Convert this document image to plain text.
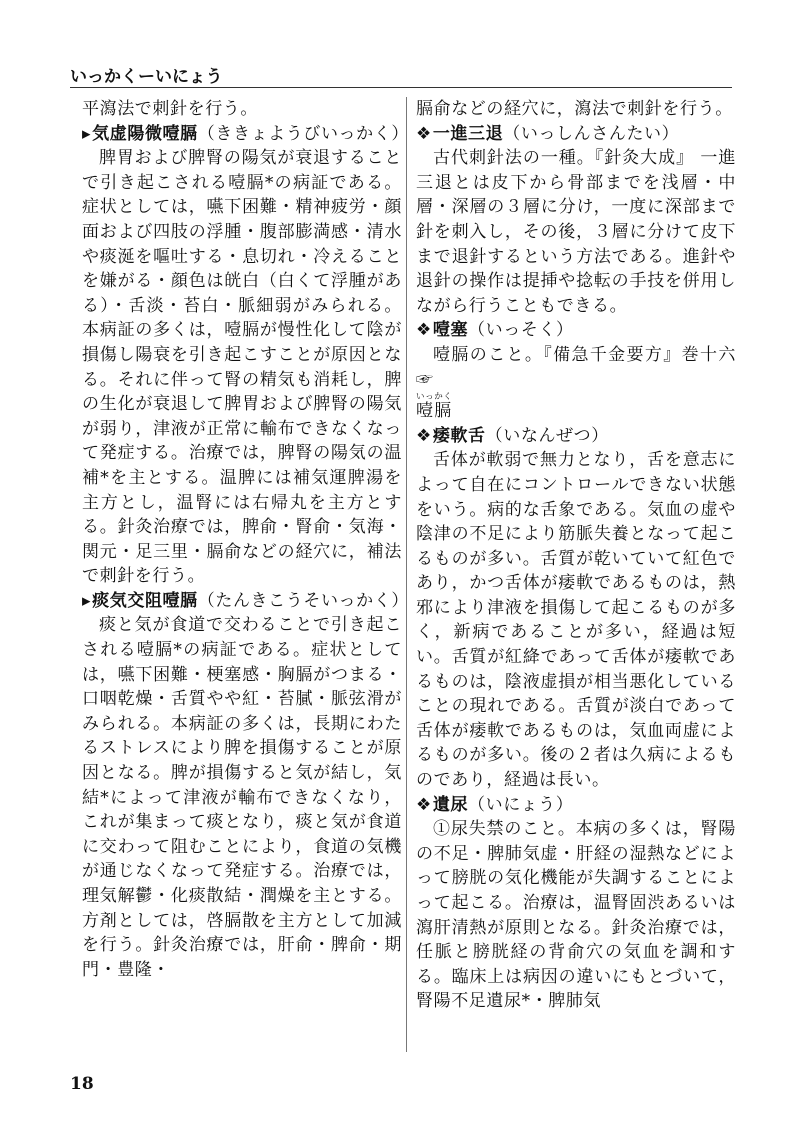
いっかくーいにょう

平瀉法で刺針を行う。

▸気虚陽微噎膈（ききょようびいっかく）

脾胃および脾腎の陽気が衰退することで引き起こされる噎膈*の病証である。症状としては，嚥下困難・精神疲労・顔面および四肢の浮腫・腹部膨満感・清水や痰涎を嘔吐する・息切れ・冷えることを嫌がる・顔色は㿠白（白くて浮腫がある）・舌淡・苔白・脈細弱がみられる。本病証の多くは，噎膈が慢性化して陰が損傷し陽衰を引き起こすことが原因となる。それに伴って腎の精気も消耗し，脾の生化が衰退して脾胃および脾腎の陽気が弱り，津液が正常に輸布できなくなって発症する。治療では，脾腎の陽気の温補*を主とする。温脾には補気運脾湯を主方とし，温腎には右帰丸を主方とする。針灸治療では，脾俞・腎俞・気海・関元・足三里・膈俞などの経穴に，補法で刺針を行う。

▸痰気交阻噎膈（たんきこうそいっかく）

痰と気が食道で交わることで引き起こされる噎膈*の病証である。症状としては，嚥下困難・梗塞感・胸膈がつまる・口咽乾燥・舌質やや紅・苔膩・脈弦滑がみられる。本病証の多くは，長期にわたるストレスにより脾を損傷することが原因となる。脾が損傷すると気が結し，気結*によって津液が輸布できなくなり，これが集まって痰となり，痰と気が食道に交わって阻むことにより，食道の気機が通じなくなって発症する。治療では，理気解鬱・化痰散結・潤燥を主とする。方剤としては，啓膈散を主方として加減を行う。針灸治療では，肝俞・脾俞・期門・豊隆・

膈俞などの経穴に，瀉法で刺針を行う。

❖一進三退（いっしんさんたい）

古代刺針法の一種。『針灸大成』 一進三退とは皮下から骨部までを浅層・中層・深層の３層に分け，一度に深部まで針を刺入し，その後，３層に分けて皮下まで退針するという方法である。進針や退針の操作は提挿や捻転の手技を併用しながら行うこともできる。

❖噎塞（いっそく）

噎膈のこと。『備急千金要方』巻十六 ☞

噎膈いっかく

❖痿軟舌（いなんぜつ）

舌体が軟弱で無力となり，舌を意志によって自在にコントロールできない状態をいう。病的な舌象である。気血の虚や陰津の不足により筋脈失養となって起こるものが多い。舌質が乾いていて紅色であり，かつ舌体が痿軟であるものは，熱邪により津液を損傷して起こるものが多く，新病であることが多い，経過は短い。舌質が紅絳であって舌体が痿軟であるものは，陰液虚損が相当悪化していることの現れである。舌質が淡白であって舌体が痿軟であるものは，気血両虚によるものが多い。後の２者は久病によるものであり，経過は長い。

❖遺尿（いにょう）

①尿失禁のこと。本病の多くは，腎陽の不足・脾肺気虚・肝経の湿熱などによって膀胱の気化機能が失調することによって起こる。治療は，温腎固渋あるいは瀉肝清熱が原則となる。針灸治療では，任脈と膀胱経の背俞穴の気血を調和する。臨床上は病因の違いにもとづいて，腎陽不足遺尿*・脾肺気

18
